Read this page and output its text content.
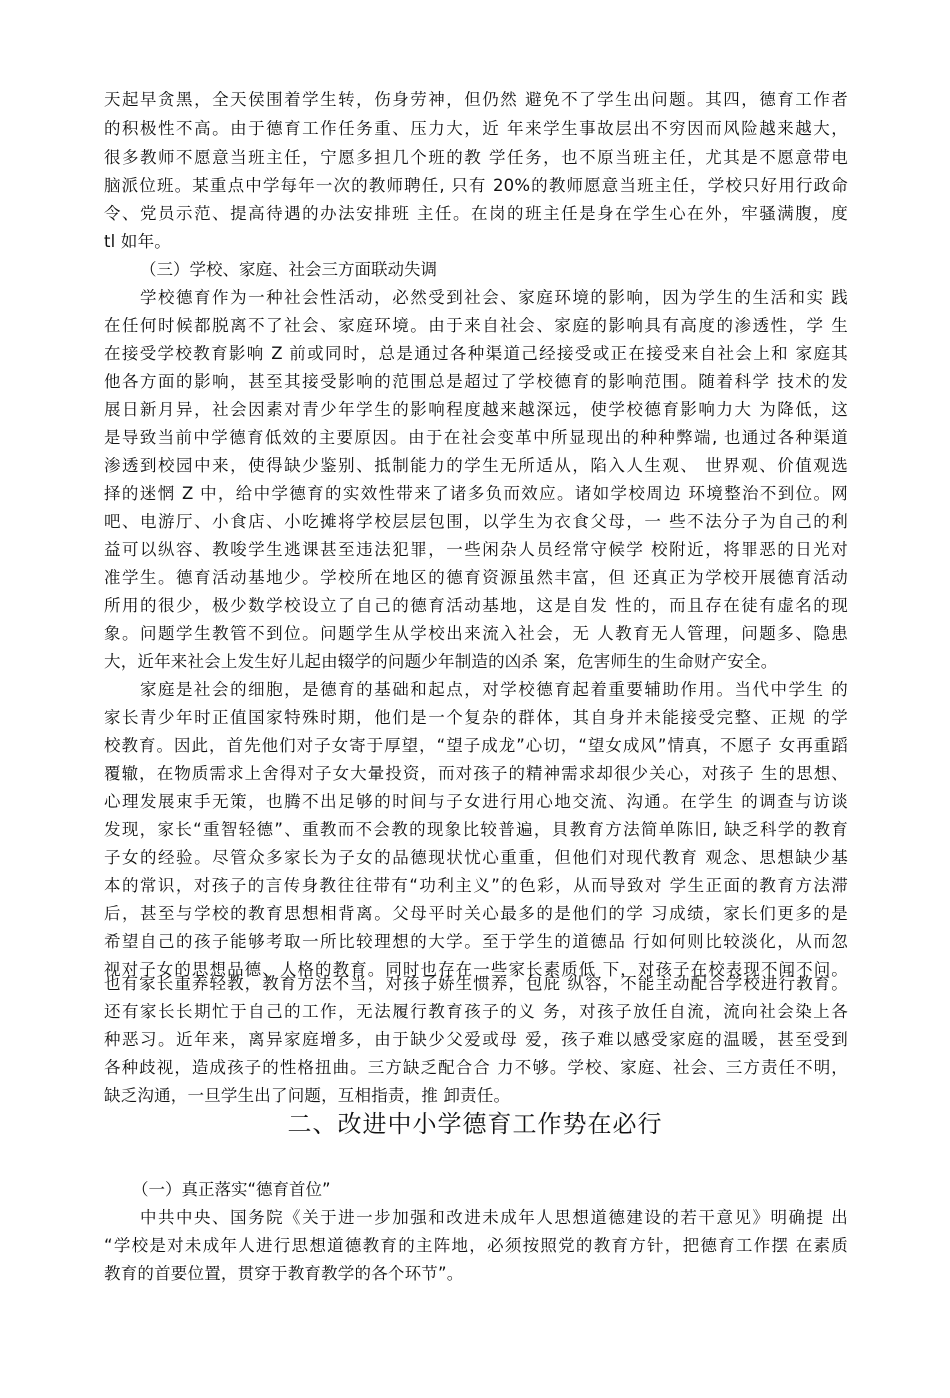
天起早贪黑，全天侯围着学生转，伤身劳神，但仍然 避免不了学生出问题。其四，德育工作者
的积极性不高。由于德育工作任务重、压力大，近 年来学生事故层出不穷因而风险越来越大，
很多教师不愿意当班主任，宁愿多担几个班的教 学任务，也不原当班主任，尤其是不愿意带电
脑派位班。某重点中学每年一次的教师聘任, 只有 20%的教师愿意当班主任，学校只好用行政命
令、党员示范、提高待遇的办法安排班 主任。在岗的班主任是身在学生心在外，牢骚满腹，度
tl 如年。
（三）学校、家庭、社会三方面联动失调
学校德育作为一种社会性活动，必然受到社会、家庭环境的影响，因为学生的生活和实 践
在任何时候都脱离不了社会、家庭环境。由于来自社会、家庭的影响具有高度的渗透性，学 生
在接受学校教育影响 Z 前或同时，总是通过各种渠道己经接受或正在接受来自社会上和 家庭其
他各方面的影响，甚至其接受影响的范围总是超过了学校德育的影响范围。随着科学 技术的发
展日新月异，社会因素对青少年学生的影响程度越来越深远，使学校德育影响力大 为降低，这
是导致当前中学德育低效的主要原因。由于在社会变革中所显现出的种种弊端, 也通过各种渠道
渗透到校园中来，使得缺少鉴别、抵制能力的学生无所适从，陷入人生观、 世界观、价值观选
择的迷惘 Z 中，给中学德育的实效性带来了诸多负而效应。诸如学校周边 环境整治不到位。网
吧、电游厅、小食店、小吃摊将学校层层包围，以学生为衣食父母，一 些不法分子为自己的利
益可以纵容、教唆学生逃课甚至违法犯罪，一些闲杂人员经常守候学 校附近，将罪恶的日光对
准学生。德育活动基地少。学校所在地区的德育资源虽然丰富，但 还真正为学校开展德育活动
所用的很少，极少数学校设立了自己的德育活动基地，这是自发 性的，而且存在徒有虚名的现
象。问题学生教管不到位。问题学生从学校出来流入社会，无 人教育无人管理，问题多、隐患
大，近年来社会上发生好儿起由辍学的问题少年制造的凶杀 案，危害师生的生命财产安全。
家庭是社会的细胞，是德育的基础和起点，对学校德育起着重要辅助作用。当代中学生 的
家长青少年时正值国家特殊时期，他们是一个复杂的群体，其自身并未能接受完整、正规 的学
校教育。因此，首先他们对子女寄于厚望，“望子成龙”心切，“望女成风”情真，不愿子 女再重蹈
覆辙，在物质需求上舍得对子女大暈投资，而对孩子的精神需求却很少关心，对孩子 生的思想、
心理发展束手无策，也腾不出足够的时间与子女进行用心地交流、沟通。在学生 的调查与访谈
发现，家长“重智轻德”、重教而不会教的现象比较普遍，貝教育方法简单陈旧, 缺乏科学的教育
子女的经验。尽管众多家长为子女的品德现状忧心重重，但他们对现代教育 观念、思想缺少基
本的常识，对孩子的言传身教往往带有“功利主义”的色彩，从而导致对 学生正面的教育方法滞
后，甚至与学校的教育思想相背离。父母平时关心最多的是他们的学 习成绩，家长们更多的是
希望自己的孩子能够考取一所比较理想的大学。至于学生的道德品 行如何则比较淡化，从而忽
视对子女的思想品德、人格的教育。同时也存在一些家长素质低 下，对孩子在校表现不闻不问。
也有家长重养轻教，教育方法不当，对孩子娇生惯养，包庇 纵容，不能主动配合学校进行教育。
还有家长长期忙于自己的工作，无法履行教育孩子的义 务，对孩子放任自流，流向社会染上各
种恶习。近年来，离异家庭增多，由于缺少父爱或母 爱，孩子难以感受家庭的温暖，甚至受到
各种歧视，造成孩子的性格扭曲。三方缺乏配合合 力不够。学校、家庭、社会、三方责任不明，
缺乏沟通，一旦学生出了问题，互相指责，推 卸责任。
二、改进中小学德育工作势在必行
（一）真正落实“德育首位”
中共中央、国务院《关于进一步加强和改进未成年人思想道德建设的若干意见》明确提 出
“学校是对未成年人进行思想道德教育的主阵地，必须按照党的教育方针，把德育工作摆 在素质
教育的首要位置，贯穿于教育教学的各个环节”。
